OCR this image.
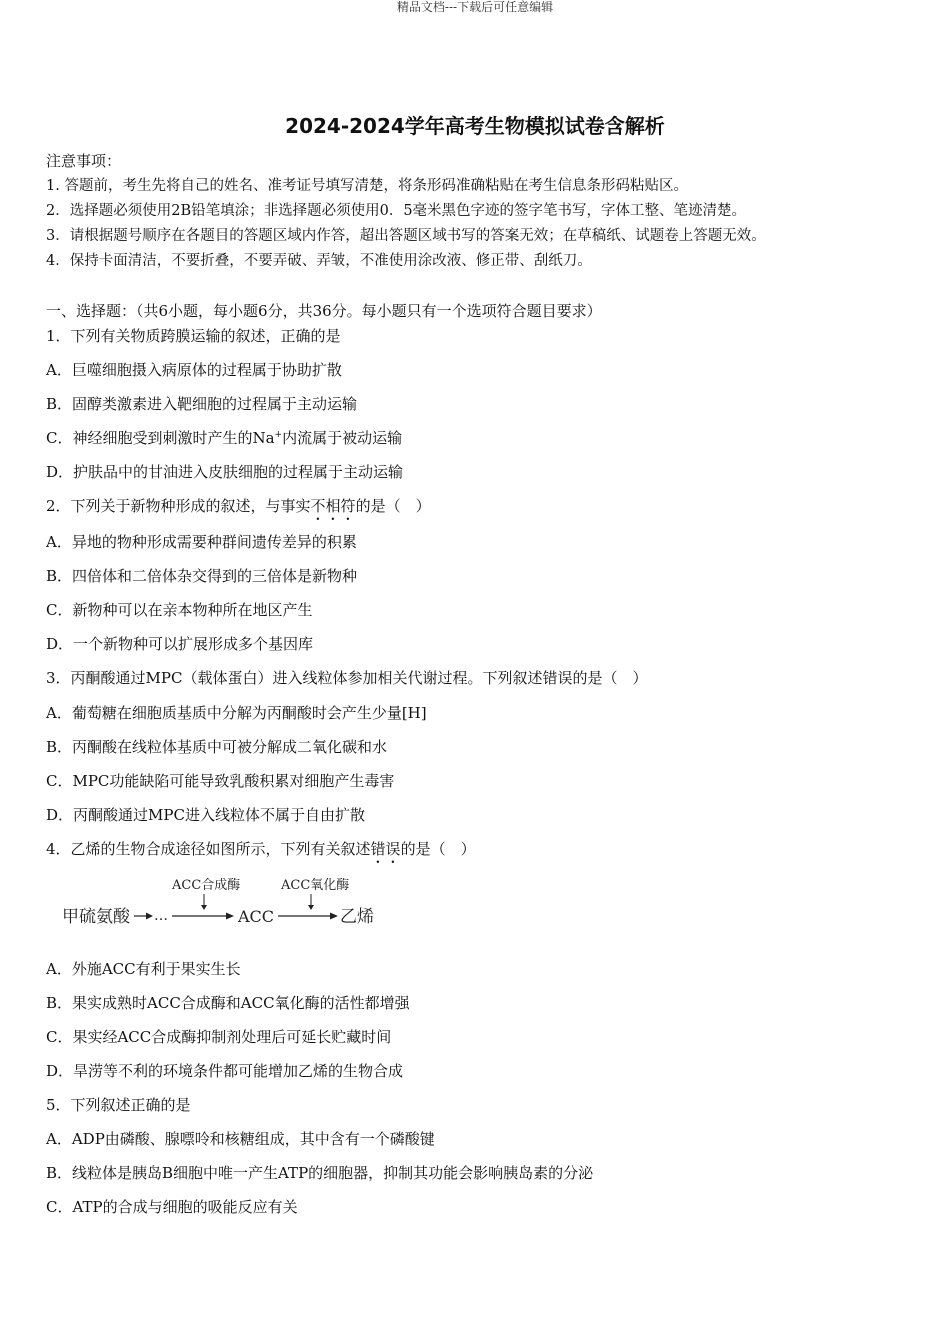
精品文档---下载后可任意编辑
2024-2024学年高考生物模拟试卷含解析
注意事项：
1. 答题前，考生先将自己的姓名、准考证号填写清楚，将条形码准确粘贴在考生信息条形码粘贴区。
2．选择题必须使用2B铅笔填涂；非选择题必须使用0．5毫米黑色字迹的签字笔书写，字体工整、笔迹清楚。
3．请根据题号顺序在各题目的答题区域内作答，超出答题区域书写的答案无效；在草稿纸、试题卷上答题无效。
4．保持卡面清洁，不要折叠，不要弄破、弄皱，不准使用涂改液、修正带、刮纸刀。
一、选择题：（共6小题，每小题6分，共36分。每小题只有一个选项符合题目要求）
1．下列有关物质跨膜运输的叙述，正确的是
A．巨噬细胞摄入病原体的过程属于协助扩散
B．固醇类激素进入靶细胞的过程属于主动运输
C．神经细胞受到刺激时产生的Na+内流属于被动运输
D．护肤品中的甘油进入皮肤细胞的过程属于主动运输
2．下列关于新物种形成的叙述，与事实不相符的是（　）
A．异地的物种形成需要种群间遗传差异的积累
B．四倍体和二倍体杂交得到的三倍体是新物种
C．新物种可以在亲本物种所在地区产生
D．一个新物种可以扩展形成多个基因库
3．丙酮酸通过MPC（载体蛋白）进入线粒体参加相关代谢过程。下列叙述错误的是（　）
A．葡萄糖在细胞质基质中分解为丙酮酸时会产生少量[H]
B．丙酮酸在线粒体基质中可被分解成二氧化碳和水
C．MPC功能缺陷可能导致乳酸积累对细胞产生毒害
D．丙酮酸通过MPC进入线粒体不属于自由扩散
4．乙烯的生物合成途径如图所示，下列有关叙述错误的是（　）
ACC合成酶	ACC氧化酶
甲硫氨酸 …	ACC	乙烯
A．外施ACC有利于果实生长
B．果实成熟时ACC合成酶和ACC氧化酶的活性都增强
C．果实经ACC合成酶抑制剂处理后可延长贮藏时间
D．旱涝等不利的环境条件都可能增加乙烯的生物合成
5．下列叙述正确的是
A．ADP由磷酸、腺嘌呤和核糖组成，其中含有一个磷酸键
B．线粒体是胰岛B细胞中唯一产生ATP的细胞器，抑制其功能会影响胰岛素的分泌
C．ATP的合成与细胞的吸能反应有关
